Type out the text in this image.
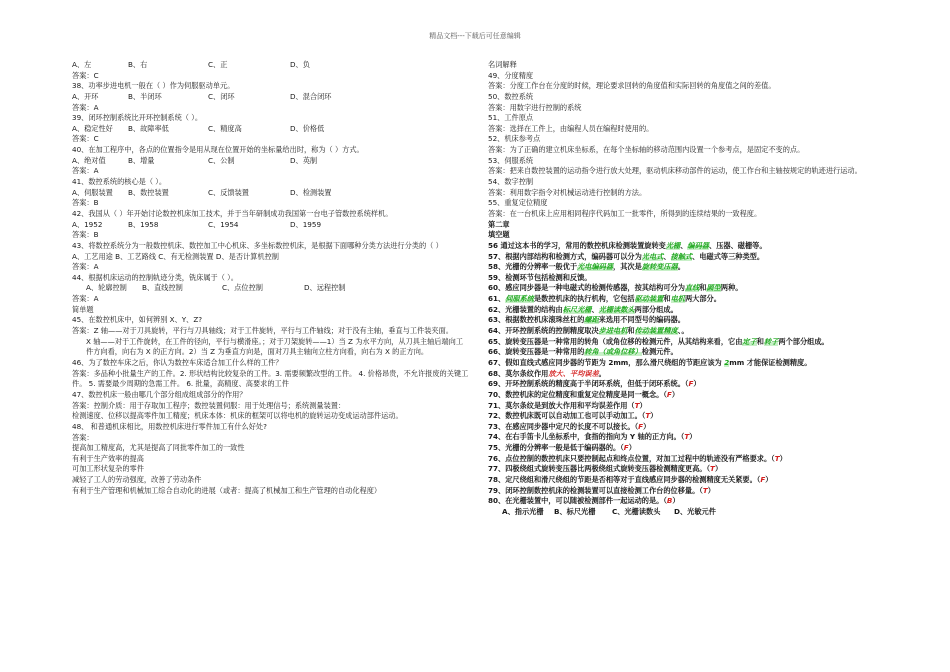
精品文档---下载后可任意编辑
A、左	B、右	C、正	D、负
答案：C
38、功率步进电机一般在（ ）作为伺服驱动单元。
A、开环	B、半闭环	C、闭环	D、混合闭环
答案：A
39、闭环控制系统比开环控制系统（ ）。
A、稳定性好 B、故障率低	C、精度高	D、价格低
答案：C
40、在加工程序中，各点的位置指令是用从现在位置开始的坐标量给出时，称为（ ）方式。
A、绝对值	B、增量	C、公制	D、英制
答案：A
41、数控系统的核心是（ ）。
A、伺服装置 B、数控装置	C、反馈装置	D、检测装置
答案：B
42、我国从（ ）年开始讨论数控机床加工技术，并于当年研制成功我国第一台电子管数控系统样机。
A、1952	B、1958	C、1954	D、1959
答案：B
43、将数控系统分为一般数控机床、数控加工中心机床、多坐标数控机床，是根据下面哪种分类方法进行分类的（ ）
A、工艺用途 B、工艺路线 C、有无检测装置 D、是否计算机控制
答案：A
44、根据机床运动的控制轨迹分类，铣床属于（ ）。
A、轮廓控制 B、直线控制	C、点位控制	D、远程控制
答案：A
简单题
45、在数控机床中，如何辨别 X、Y、Z?
答案：Z 轴——对于刀具旋转，平行与刀具轴线；对于工件旋转，平行与工件轴线；对于没有主轴，垂直与工件装夹面。
X 轴——对于工件旋转，在工件的径向，平行与横滑座。；对于刀架旋转——1）当 Z 为水平方向，从刀具主轴后端向工件方向看，向右为 X 的正方向。2）当 Z 为垂直方向是，面对刀具主轴向立柱方向看，向右为 X 的正方向。
46、为了数控车床之后，你认为数控车床适合加工什么样的工件？
答案：多品种小批量生产的工件。2. 形状结构比较复杂的工件。3. 需要频繁改型的工件。 4. 价格昂贵，不允许报废的关键工件。 5. 需要最少周期的急需工件。 6. 批量，高精度、高要求的工件
47、数控机床一般由哪几个部分组成组成部分的作用？
答案：控制介质：用于存取加工程序；数控装置伺服：用于处理信号；系统测量装置：
检测速度、位移以提高零件加工精度；机床本体：机床的框架可以将电机的旋转运功变成运动部件运动。
48、 和普通机床相比，用数控机床进行零件加工有什么好处?
答案：
提高加工精度高，尤其是提高了同批零件加工的一致性
有利于生产效率的提高
可加工形状复杂的零件
减轻了工人的劳动强度，改善了劳动条件
有利于生产管理和机械加工综合自动化的进展（或者：提高了机械加工和生产管理的自动化程度）
名词解释
49、分度精度
答案：分度工作台在分度的时候，理论要求回转的角度值和实际回转的角度值之间的差值。
50、数控系统
答案：用数字进行控制的系统
51、工件原点
答案：选择在工件上，由编程人员在编程时使用的。
52、机床参考点
答案：为了正确的建立机床坐标系，在每个坐标轴的移动范围内设置一个参考点，是固定不变的点。
53、伺服系统
答案：把来自数控装置的运动指令进行放大处理，驱动机床移动部件的运动，使工作台和主轴按规定的轨迹进行运动。
54、数字控制
答案：利用数字指令对机械运动进行控制的方法。
55、重复定位精度
答案：在一台机床上应用相同程序代码加工一批零件，所得到的连续结果的一致程度。
第二章
填空题
56 通过这本书的学习，常用的数控机床检测装置旋转变光栅、编码器、压器、磁栅等。
57、根据内部结构和检测方式，编码器可以分为光电式、接触式、电磁式等三种类型。
58、光栅的分辨率一般优于光电编码器，其次是旋转变压器。
59、检测环节包括检测和反馈。
60、感应同步器是一种电磁式的检测传感器，按其结构可分为直线和圆型两种。
61、伺服系统是数控机床的执行机构，它包括驱动装置和电机两大部分。
62、光栅装置的结构由标尺光栅、光栅读数头两部分组成。
63、根据数控机床滚珠丝杠的螺距来选用不同型号的编码器。
64、开环控制系统的控制精度取决步进电机和传动装置精度、。
65、旋转变压器是一种常用的转角（或角位移的检测元件，从其结构来看，它由定子和转子两个部分组成。
66、旋转变压器是一种常用的转角（或角位移）检测元件。
67、假如直线式感应同步器的节距为 2mm，那么滑尺绕组的节距应该为 2mm 才能保证检测精度。
68、莫尔条纹作用放大、平均误差。
69、开环控制系统的精度高于半闭环系统，但低于闭环系统。（F）
70、数控机床的定位精度和重复定位精度是同一概念。（F）
71、莫尔条纹是到放大作用和平均误差作用（T）
72、数控机床既可以自动加工也可以手动加工。（T）
73、在感应同步器中定尺的长度不可以接长。（F）
74、在右手笛卡儿坐标系中，食指的指向为 Y 轴的正方向。（T）
75、光栅的分辨率一般是低于编码器的。（F）
76、点位控制的数控机床只要控制起点和终点位置，对加工过程中的轨迹没有严格要求。（T）
77、四极绕组式旋转变压器比两极绕组式旋转变压器检测精度更高。（T）
78、定尺绕组和滑尺绕组的节距是否相等对于直线感应同步器的检测精度无关紧要。（F）
79、闭环控制数控机床的检测装置可以直接检测工作台的位移量。（T）
80、在光栅装置中，可以随被检测部件一起运动的是。（B）
A、指示光栅 B、标尺光栅 C、光栅读数头 D、光敏元件
